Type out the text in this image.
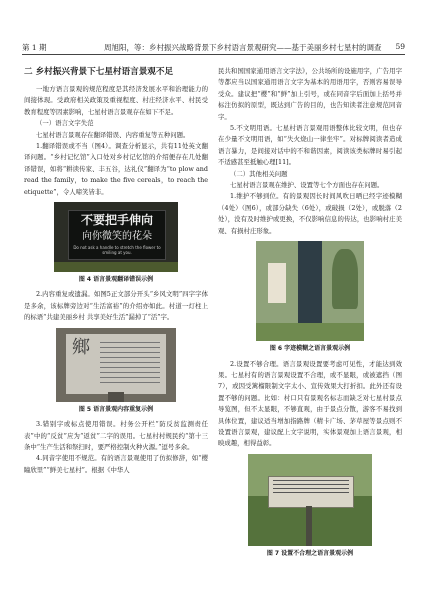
第 1 期	周旭阳，等：乡村振兴战略背景下乡村语言景观研究——基于美丽乡村七星村的调查	59
二 乡村振兴背景下七星村语言景观不足

一地方语言景观的规范程度是其经济发展水平和治理能力的间接体现。受政府相关政策及重视程度、村庄经济水平、村民受教育程度等因素影响，七星村语言景观存在如下不足。

（一）语言文字失范

七星村语言景观存在翻译错误、内容重复等五种问题。

1.翻译错误或不当（图4）。调查分析显示，共有11处英文翻译问题。“乡村记忆馆”入口处对乡村记忆馆的介绍便存在几处翻译错误，如将“耕读传家、丰五谷，达礼仪”翻译为“to plow and read the family，to make the five cereals，to reach the etiquette”，令人啼笑皆非。

不要把手伸向
向你微笑的花朵
Do not ask a handle to stretch the flower to smiling at you.
图 4 语言景观翻译错误示例

2.内容重复或遗漏。如图5正文部分开头“乡风文明”四字字体是多余，该标牌旁边对“生活富裕”的介绍亦如此。村道一灯柱上的标语“共建美丽乡村 共享美好生活”漏掉了“活”字。

鄉
图 5 语言景观内容重复示例

3.错别字或标点使用错误。村务公开栏“防反贫监测责任表”中的“反贫”应为“返贫”二字的误用。七星村村规民约“第十三条中“生产生活和祭扫时，要严格控制火种火源。”逗号多余。

4.同音字使用不规范。有的语言景观使用了仿拟修辞，如“樱瞳欣里”“鲜美七星村”。根据《中华人

民共和国国家通用语言文字法》，公共场所的设施用字，广告用字等都应当以国家通用语言文字为基本的用语用字，否则容易误导受众。建议把“樱”和“鲜”加上引号，或在同音字后面加上括号并标注仿拟的原型，既达到广告的目的，也告知读者注意规范同音字。

5.不文明用语。七星村语言景观用语整体比较文明，但也存在少量不文明用语，如“失火烧山一律坐牢”。对标牌阅读者造成语言暴力，是间接对话中的不和谐因素，阅读该类标牌时易引起不适感甚至抵触心理[11]。

（二）其他相关问题

七星村语言景观在维护、设置等七个方面也存在问题。

1.维护不够到位。有的景观因长时间风吹日晒已经字迹模糊（4处）（图6），或部分缺失（6处），或破损（2处），或脱落（2处），没有及时维护或更换，不仅影响信息的传达，也影响村庄美观、有损村庄形象。

图 6 字迹模糊之语言景观示例

2.设置不够合理。语言景观设置要考虑可见性，才能达到效果。七星村有的语言景观设置不合理，或不显眼，或被遮挡（图7），或因受篱榴限制文字太小、宣传效果大打折扣。此外还有设置不够的问题。比如：村口只有景观名标志而缺乏对七星村景点导览图，但不太显眼，不够直观，由于景点分散，游客不易找到具体位置，建议适当增加指路牌（精卡广场、茅草屋等景点则不设置语言景观，建议配上文字说明，实体景观加上语言景观，相映成趣，相得益彰。

图 7 设置不合理之语言景观示例
